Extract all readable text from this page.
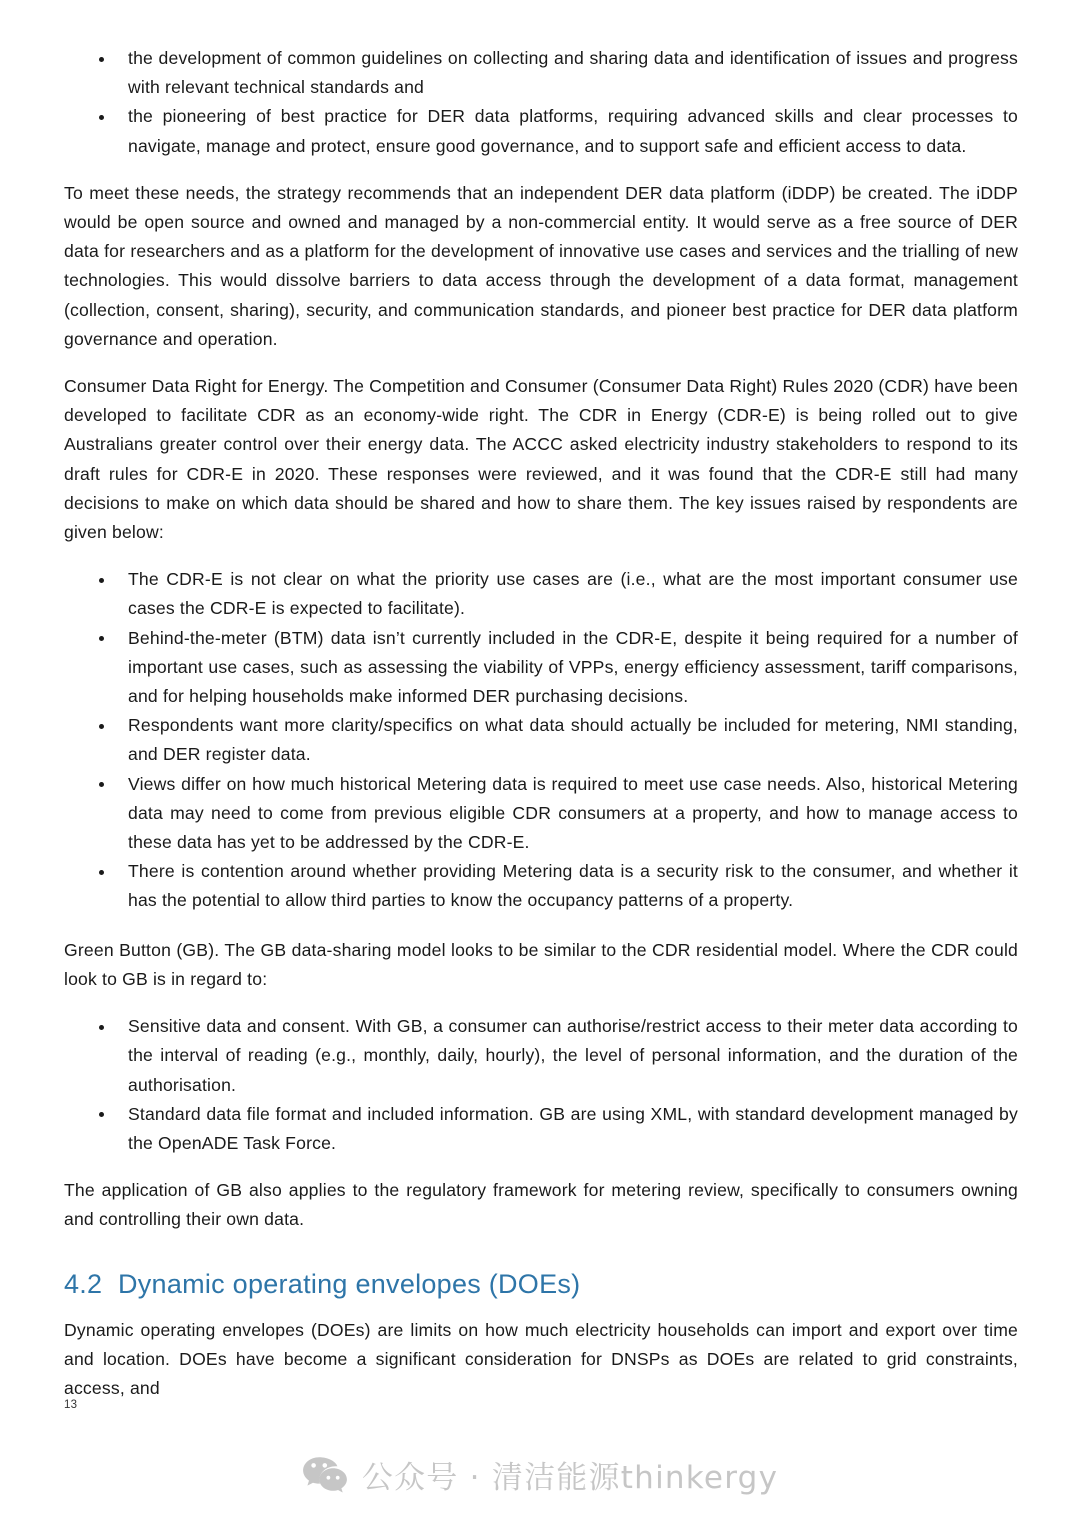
the development of common guidelines on collecting and sharing data and identification of issues and progress with relevant technical standards and
the pioneering of best practice for DER data platforms, requiring advanced skills and clear processes to navigate, manage and protect, ensure good governance, and to support safe and efficient access to data.

To meet these needs, the strategy recommends that an independent DER data platform (iDDP) be created. The iDDP would be open source and owned and managed by a non-commercial entity. It would serve as a free source of DER data for researchers and as a platform for the development of innovative use cases and services and the trialling of new technologies. This would dissolve barriers to data access through the development of a data format, management (collection, consent, sharing), security, and communication standards, and pioneer best practice for DER data platform governance and operation.

Consumer Data Right for Energy. The Competition and Consumer (Consumer Data Right) Rules 2020 (CDR) have been developed to facilitate CDR as an economy-wide right. The CDR in Energy (CDR-E) is being rolled out to give Australians greater control over their energy data. The ACCC asked electricity industry stakeholders to respond to its draft rules for CDR-E in 2020. These responses were reviewed, and it was found that the CDR-E still had many decisions to make on which data should be shared and how to share them. The key issues raised by respondents are given below:

The CDR-E is not clear on what the priority use cases are (i.e., what are the most important consumer use cases the CDR-E is expected to facilitate).
Behind-the-meter (BTM) data isn’t currently included in the CDR-E, despite it being required for a number of important use cases, such as assessing the viability of VPPs, energy efficiency assessment, tariff comparisons, and for helping households make informed DER purchasing decisions.
Respondents want more clarity/specifics on what data should actually be included for metering, NMI standing, and DER register data.
Views differ on how much historical Metering data is required to meet use case needs. Also, historical Metering data may need to come from previous eligible CDR consumers at a property, and how to manage access to these data has yet to be addressed by the CDR-E.
There is contention around whether providing Metering data is a security risk to the consumer, and whether it has the potential to allow third parties to know the occupancy patterns of a property.

Green Button (GB). The GB data-sharing model looks to be similar to the CDR residential model. Where the CDR could look to GB is in regard to:

Sensitive data and consent. With GB, a consumer can authorise/restrict access to their meter data according to the interval of reading (e.g., monthly, daily, hourly), the level of personal information, and the duration of the authorisation.
Standard data file format and included information. GB are using XML, with standard development managed by the OpenADE Task Force.

The application of GB also applies to the regulatory framework for metering review, specifically to consumers owning and controlling their own data.

4.2 Dynamic operating envelopes (DOEs)

Dynamic operating envelopes (DOEs) are limits on how much electricity households can import and export over time and location. DOEs have become a significant consideration for DNSPs as DOEs are related to grid constraints, access, and

13
公众号 · 清洁能源thinkergy
